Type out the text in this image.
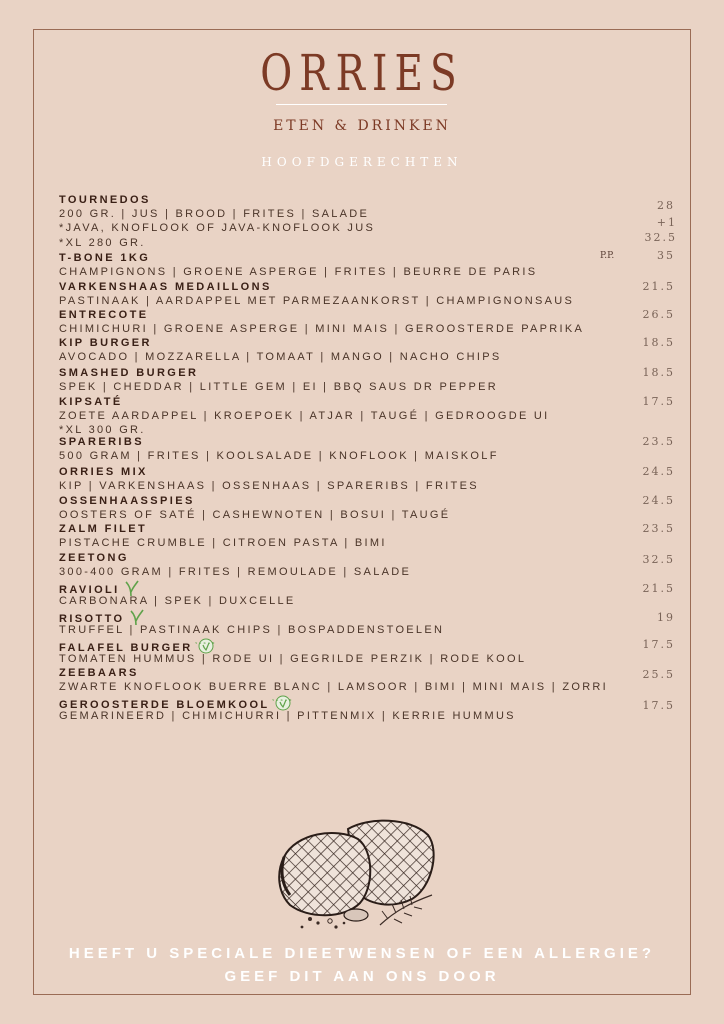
ORRIES
ETEN & DRINKEN
HOOFDGERECHTEN
TOURNEDOS
200 GR. | JUS | BROOD | FRITES | SALADE
28
T-BONE 1KG
CHAMPIGNONS | GROENE ASPERGE | FRITES | BEURRE DE PARIS
35
VARKENSHAAS MEDAILLONS
PASTINAAK | AARDAPPEL MET PARMEZAANKORST | CHAMPIGNONSAUS
21.5
ENTRECOTE
CHIMICHURI | GROENE ASPERGE | MINI MAIS | GEROOSTERDE PAPRIKA
26.5
KIP BURGER
AVOCADO | MOZZARELLA | TOMAAT | MANGO | NACHO CHIPS
18.5
SMASHED BURGER
SPEK | CHEDDAR | LITTLE GEM | EI | BBQ SAUS DR PEPPER
18.5
KIPSATÉ
ZOETE AARDAPPEL | KROEPOEK | ATJAR | TAUGÉ | GEDROOGDE UI
17.5
SPARERIBS
500 GRAM | FRITES | KOOLSALADE | KNOFLOOK | MAISKOLF
23.5
ORRIES MIX
KIP | VARKENSHAAS | OSSENHAAS | SPARERIBS | FRITES
24.5
OSSENHAASSPIES
OOSTERS OF SATÉ | CASHEWNOTEN | BOSUI | TAUGÉ
24.5
ZALM FILET
PISTACHE CRUMBLE | CITROEN PASTA | BIMI
23.5
ZEETONG
300-400 GRAM | FRITES | REMOULADE | SALADE
32.5
RAVIOLI
CARBONARA | SPEK | DUXCELLE
21.5
RISOTTO
TRUFFEL | PASTINAAK CHIPS | BOSPADDENSTOELEN
19
FALAFEL BURGER VEGAN
TOMATEN HUMMUS | RODE UI | GEGRILDE PERZIK | RODE KOOL
17.5
ZEEBAARS
ZWARTE KNOFLOOK BUERRE BLANC | LAMSOOR | BIMI | MINI MAIS | ZORRI
25.5
GEROOSTERDE BLOEMKOOL VEGAN
GEMARINEERD | CHIMICHURRI | PITTENMIX | KERRIE HUMMUS
17.5
*JAVA, KNOFLOOK OF JAVA-KNOFLOOK JUS	+1
*XL 280 GR.	32.5
P.P.
*XL 300 GR.
HEEFT U SPECIALE DIEETWENSEN OF EEN ALLERGIE?
GEEF DIT AAN ONS DOOR
